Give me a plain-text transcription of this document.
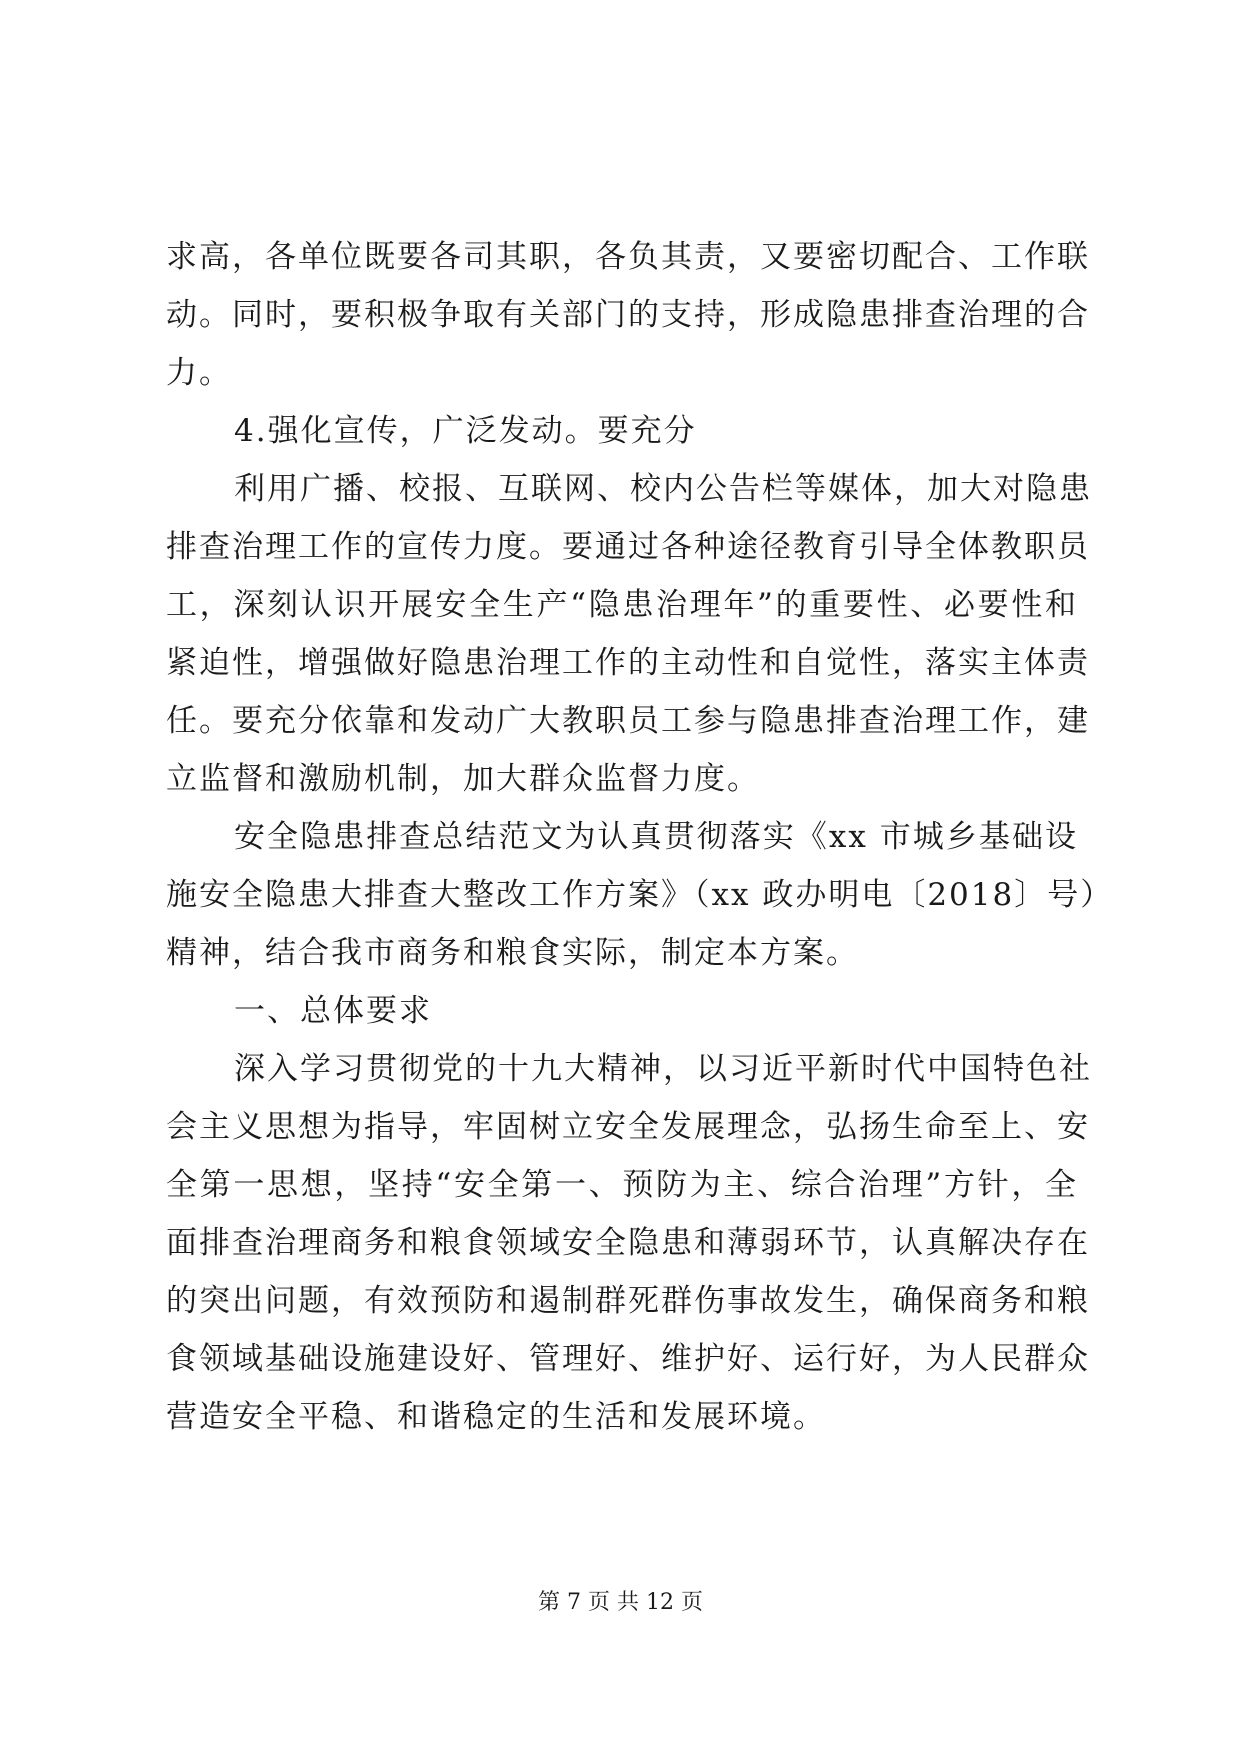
求高，各单位既要各司其职，各负其责，又要密切配合、工作联
动。同时，要积极争取有关部门的支持，形成隐患排查治理的合
力。
4.强化宣传，广泛发动。要充分
利用广播、校报、互联网、校内公告栏等媒体，加大对隐患
排查治理工作的宣传力度。要通过各种途径教育引导全体教职员
工，深刻认识开展安全生产“隐患治理年”的重要性、必要性和
紧迫性，增强做好隐患治理工作的主动性和自觉性，落实主体责
任。要充分依靠和发动广大教职员工参与隐患排查治理工作，建
立监督和激励机制，加大群众监督力度。
安全隐患排查总结范文为认真贯彻落实《xx 市城乡基础设
施安全隐患大排查大整改工作方案》（xx 政办明电〔2018〕号）
精神，结合我市商务和粮食实际，制定本方案。
一、总体要求
深入学习贯彻党的十九大精神，以习近平新时代中国特色社
会主义思想为指导，牢固树立安全发展理念，弘扬生命至上、安
全第一思想，坚持“安全第一、预防为主、综合治理”方针，全
面排查治理商务和粮食领域安全隐患和薄弱环节，认真解决存在
的突出问题，有效预防和遏制群死群伤事故发生，确保商务和粮
食领域基础设施建设好、管理好、维护好、运行好，为人民群众
营造安全平稳、和谐稳定的生活和发展环境。
第 7 页 共 12 页
